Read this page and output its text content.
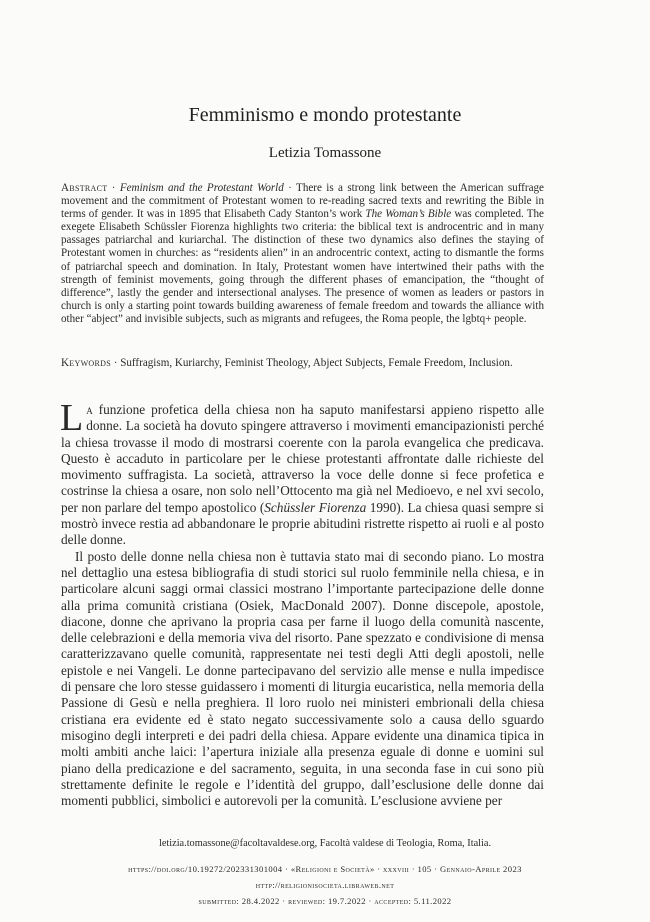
Femminismo e mondo protestante
Letizia Tomassone
Abstract · Feminism and the Protestant World · There is a strong link between the American suffrage movement and the commitment of Protestant women to re-reading sacred texts and rewriting the Bible in terms of gender. It was in 1895 that Elisabeth Cady Stanton’s work The Woman’s Bible was completed. The exegete Elisabeth Schüssler Fiorenza highlights two criteria: the biblical text is androcentric and in many passages patriarchal and kuriarchal. The distinction of these two dynamics also defines the staying of Protestant women in churches: as “residents alien” in an androcentric context, acting to dismantle the forms of patriarchal speech and domination. In Italy, Protestant women have intertwined their paths with the strength of feminist movements, going through the different phases of emancipation, the “thought of difference”, lastly the gender and intersectional analyses. The presence of women as leaders or pastors in church is only a starting point towards building awareness of female freedom and towards the alliance with other “abject” and invisible subjects, such as migrants and refugees, the Roma people, the lgbtq+ people.
Keywords · Suffragism, Kuriarchy, Feminist Theology, Abject Subjects, Female Freedom, Inclusion.

La funzione profetica della chiesa non ha saputo manifestarsi appieno rispetto alle donne. La società ha dovuto spingere attraverso i movimenti emancipazionisti perché la chiesa trovasse il modo di mostrarsi coerente con la parola evangelica che predicava. Questo è accaduto in particolare per le chiese protestanti affrontate dalle richieste del movimento suffragista. La società, attraverso la voce delle donne si fece profetica e costrinse la chiesa a osare, non solo nell’Ottocento ma già nel Medioevo, e nel xvi secolo, per non parlare del tempo apostolico (Schüssler Fiorenza 1990). La chiesa quasi sempre si mostrò invece restia ad abbandonare le proprie abitudini ristrette rispetto ai ruoli e al posto delle donne.

Il posto delle donne nella chiesa non è tuttavia stato mai di secondo piano. Lo mostra nel dettaglio una estesa bibliografia di studi storici sul ruolo femminile nella chiesa, e in particolare alcuni saggi ormai classici mostrano l’importante partecipazione delle donne alla prima comunità cristiana (Osiek, MacDonald 2007). Donne discepole, apostole, diacone, donne che aprivano la propria casa per farne il luogo della comunità nascente, delle celebrazioni e della memoria viva del risorto. Pane spezzato e condivisione di mensa caratterizzavano quelle comunità, rappresentate nei testi degli Atti degli apostoli, nelle epistole e nei Vangeli. Le donne partecipavano del servizio alle mense e nulla impedisce di pensare che loro stesse guidassero i momenti di liturgia eucaristica, nella memoria della Passione di Gesù e nella preghiera. Il loro ruolo nei ministeri embrionali della chiesa cristiana era evidente ed è stato negato successivamente solo a causa dello sguardo misogino degli interpreti e dei padri della chiesa. Appare evidente una dinamica tipica in molti ambiti anche laici: l’apertura iniziale alla presenza eguale di donne e uomini sul piano della predicazione e del sacramento, seguita, in una seconda fase in cui sono più strettamente definite le regole e l’identità del gruppo, dall’esclusione delle donne dai momenti pubblici, simbolici e autorevoli per la comunità. L’esclusione avviene per

letizia.tomassone@facoltavaldese.org, Facoltà valdese di Teologia, Roma, Italia.
https://doi.org/10.19272/202331301004 · «Religioni e Società» · xxxviii · 105 · Gennaio-Aprile 2023
http://religionisocieta.libraweb.net
submitted: 28.4.2022 · reviewed: 19.7.2022 · accepted: 5.11.2022
